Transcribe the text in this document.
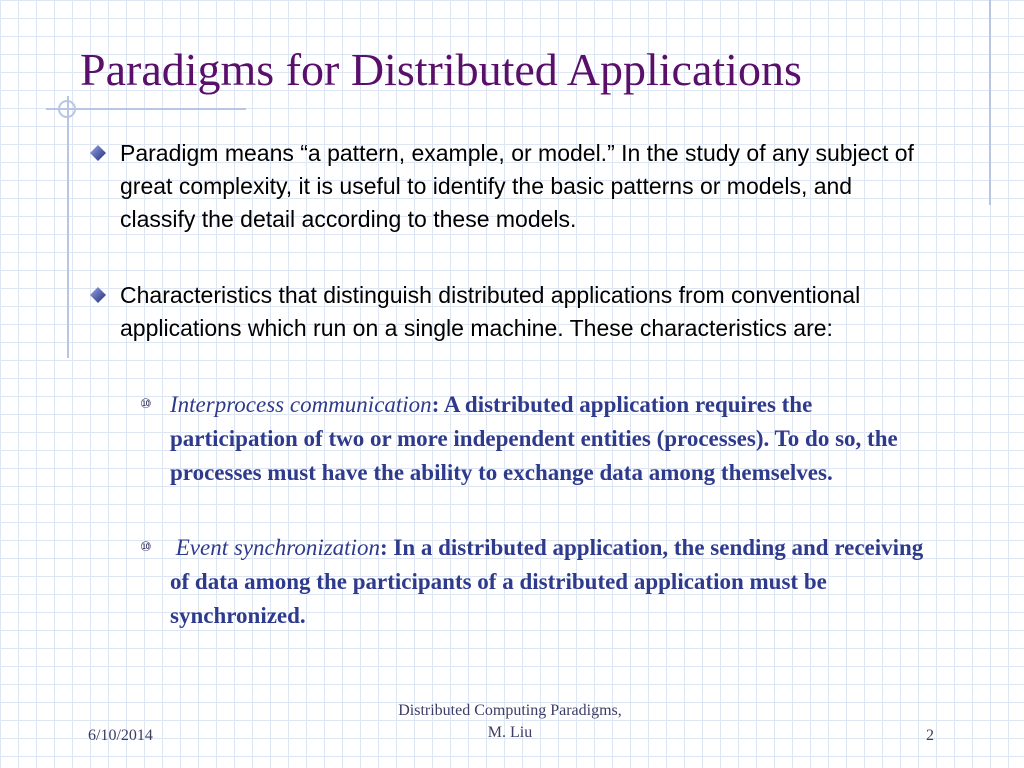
Paradigms for Distributed Applications
Paradigm means “a pattern, example, or model.” In the study of any subject of great complexity, it is useful to identify the basic patterns or models, and classify the detail according to these models.
Characteristics that distinguish distributed applications from conventional applications which run on a single machine. These characteristics are:
⑩ Interprocess communication: A distributed application requires the participation of two or more independent entities (processes). To do so, the processes must have the ability to exchange data among themselves.
⑩ Event synchronization: In a distributed application, the sending and receiving of data among the participants of a distributed application must be synchronized.
6/10/2014
Distributed Computing Paradigms,
M. Liu	2
